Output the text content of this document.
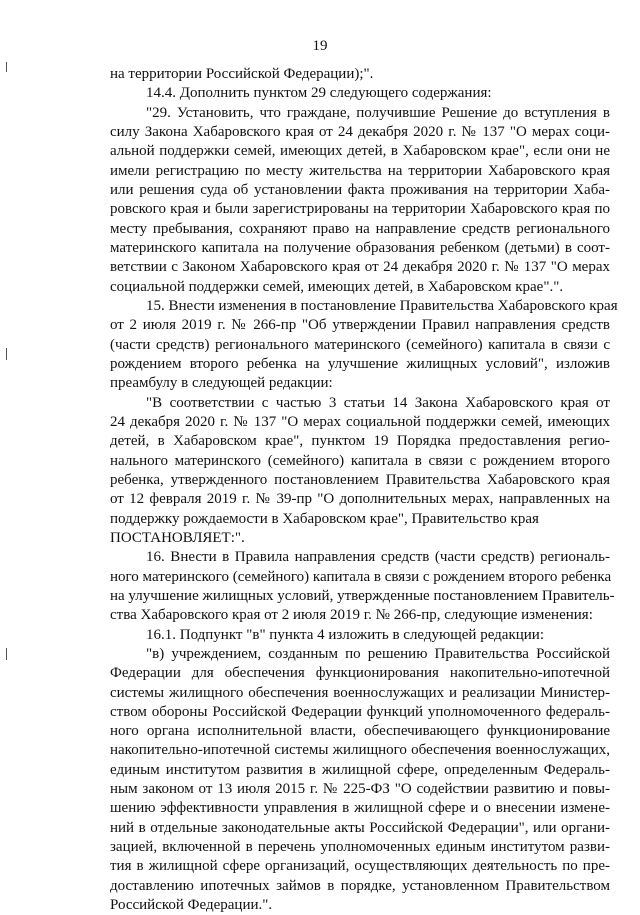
19
на территории Российской Федерации);".
14.4. Дополнить пунктом 29 следующего содержания:
"29. Установить, что граждане, получившие Решение до вступления в
силу Закона Хабаровского края от 24 декабря 2020 г. № 137 "О мерах соци-
альной поддержки семей, имеющих детей, в Хабаровском крае", если они не
имели регистрацию по месту жительства на территории Хабаровского края
или решения суда об установлении факта проживания на территории Хаба-
ровского края и были зарегистрированы на территории Хабаровского края по
месту пребывания, сохраняют право на направление средств регионального
материнского капитала на получение образования ребенком (детьми) в соот-
ветствии с Законом Хабаровского края от 24 декабря 2020 г. № 137 "О мерах
социальной поддержки семей, имеющих детей, в Хабаровском крае".".
15. Внести изменения в постановление Правительства Хабаровского края
от 2 июля 2019 г. № 266-пр "Об утверждении Правил направления средств
(части средств) регионального материнского (семейного) капитала в связи с
рождением второго ребенка на улучшение жилищных условий", изложив
преамбулу в следующей редакции:
"В соответствии с частью 3 статьи 14 Закона Хабаровского края от
24 декабря 2020 г. № 137 "О мерах социальной поддержки семей, имеющих
детей, в Хабаровском крае", пунктом 19 Порядка предоставления регио-
нального материнского (семейного) капитала в связи с рождением второго
ребенка, утвержденного постановлением Правительства Хабаровского края
от 12 февраля 2019 г. № 39-пр "О дополнительных мерах, направленных на
поддержку рождаемости в Хабаровском крае", Правительство края
ПОСТАНОВЛЯЕТ:".
16. Внести в Правила направления средств (части средств) региональ-
ного материнского (семейного) капитала в связи с рождением второго ребенка
на улучшение жилищных условий, утвержденные постановлением Правитель-
ства Хабаровского края от 2 июля 2019 г. № 266-пр, следующие изменения:
16.1. Подпункт "в" пункта 4 изложить в следующей редакции:
"в) учреждением, созданным по решению Правительства Российской
Федерации для обеспечения функционирования накопительно-ипотечной
системы жилищного обеспечения военнослужащих и реализации Министер-
ством обороны Российской Федерации функций уполномоченного федераль-
ного органа исполнительной власти, обеспечивающего функционирование
накопительно-ипотечной системы жилищного обеспечения военнослужащих,
единым институтом развития в жилищной сфере, определенным Федераль-
ным законом от 13 июля 2015 г. № 225-ФЗ "О содействии развитию и повы-
шению эффективности управления в жилищной сфере и о внесении измене-
ний в отдельные законодательные акты Российской Федерации", или органи-
зацией, включенной в перечень уполномоченных единым институтом разви-
тия в жилищной сфере организаций, осуществляющих деятельность по пре-
доставлению ипотечных займов в порядке, установленном Правительством
Российской Федерации.".
